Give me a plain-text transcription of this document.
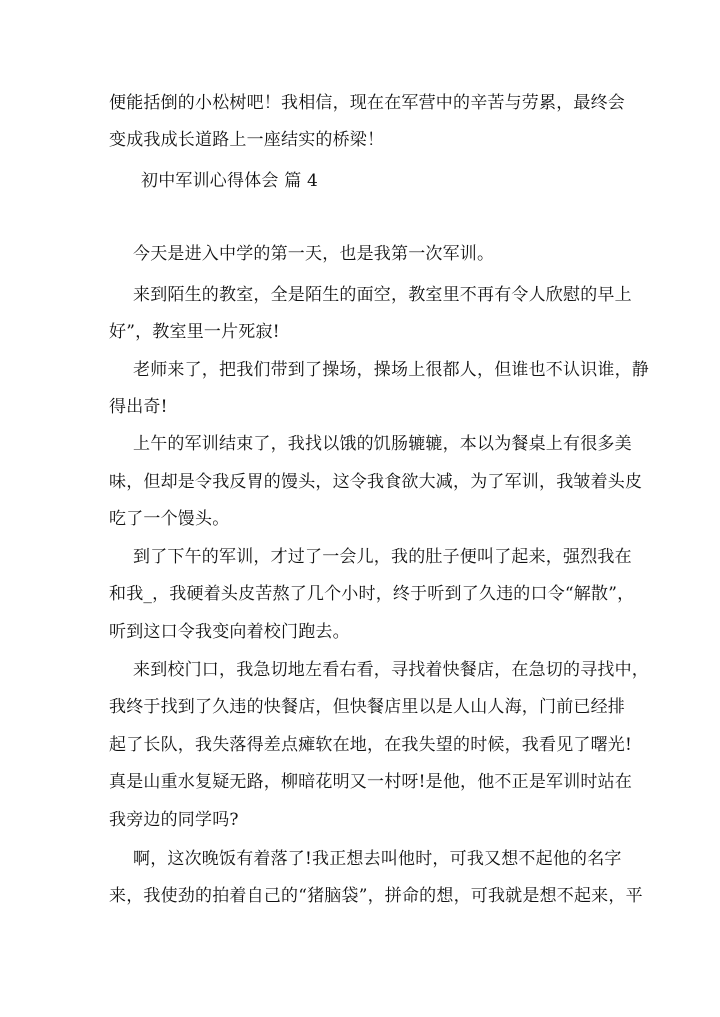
便能括倒的小松树吧！我相信，现在在军营中的辛苦与劳累，最终会
变成我成长道路上一座结实的桥梁！
初中军训心得体会 篇 4
今天是进入中学的第一天，也是我第一次军训。
来到陌生的教室，全是陌生的面空，教室里不再有令人欣慰的早上
好”，教室里一片死寂!
老师来了，把我们带到了操场，操场上很都人，但谁也不认识谁，静
得出奇!
上午的军训结束了，我找以饿的饥肠辘辘，本以为餐桌上有很多美
味，但却是令我反胃的馒头，这令我食欲大减，为了军训，我皱着头皮
吃了一个馒头。
到了下午的军训，才过了一会儿，我的肚子便叫了起来，强烈我在
和我_，我硬着头皮苦熬了几个小时，终于听到了久违的口令“解散”，
听到这口令我变向着校门跑去。
来到校门口，我急切地左看右看，寻找着快餐店，在急切的寻找中，
我终于找到了久违的快餐店，但快餐店里以是人山人海，门前已经排
起了长队，我失落得差点瘫软在地，在我失望的时候，我看见了曙光!
真是山重水复疑无路，柳暗花明又一村呀!是他，他不正是军训时站在
我旁边的同学吗?
啊，这次晚饭有着落了!我正想去叫他时，可我又想不起他的名字
来，我使劲的拍着自己的“猪脑袋”，拼命的想，可我就是想不起来，平
